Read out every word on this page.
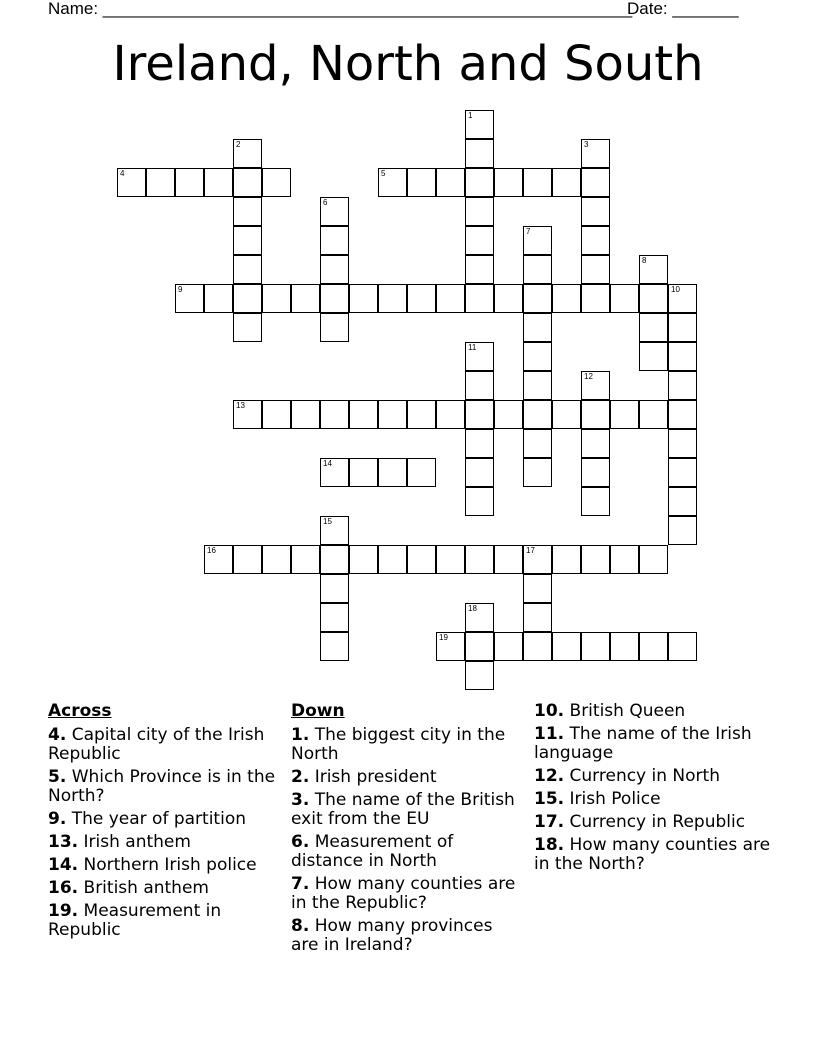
Name: ________________________________________________________
Date: _______
Ireland, North and South
1
2	3
4	5
6
7
8
9	10
11
12
13
14
15
16	17
18
19
Across
4. Capital city of the Irish Republic
5. Which Province is in the North?
9. The year of partition
13. Irish anthem
14. Northern Irish police
16. British anthem
19. Measurement in Republic
Down
1. The biggest city in the North
2. Irish president
3. The name of the British exit from the EU
6. Measurement of distance in North
7. How many counties are in the Republic?
8. How many provinces are in Ireland?
10. British Queen
11. The name of the Irish language
12. Currency in North
15. Irish Police
17. Currency in Republic
18. How many counties are in the North?
